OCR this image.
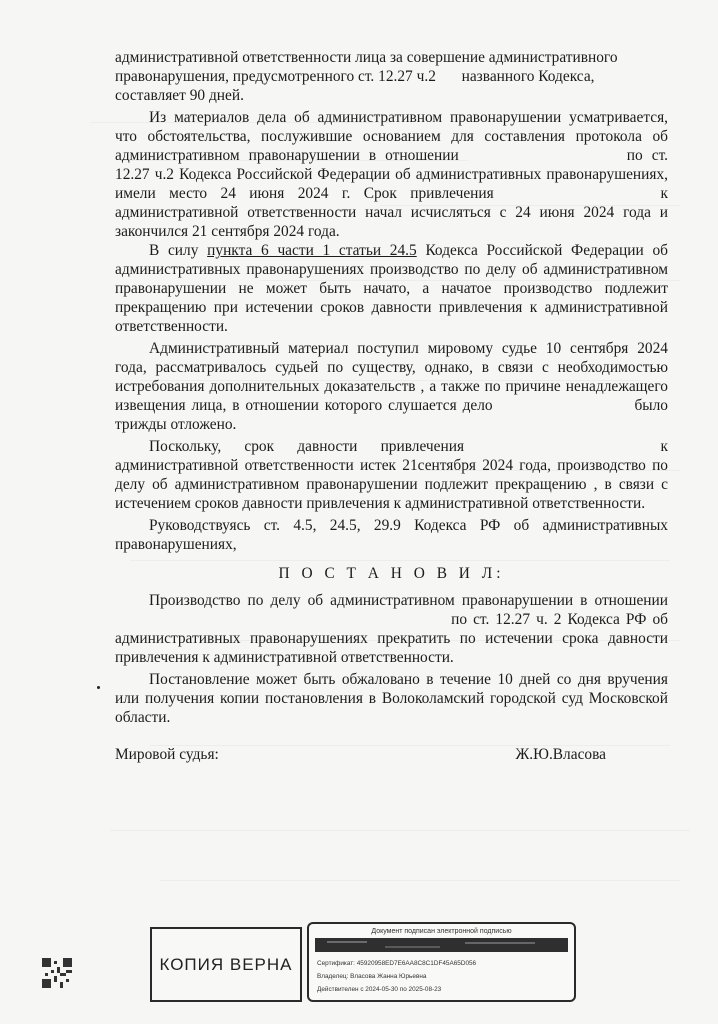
административной ответственности лица за совершение административного

правонарушения, предусмотренного ст. 12.27 ч.2 названного Кодекса,

составляет 90 дней.

Из материалов дела об административном правонарушении усматривается, что обстоятельства, послужившие основанием для составления протокола об административном правонарушении в отношении	по ст. 12.27 ч.2 Кодекса Российской Федерации об административных правонарушениях, имели место 24 июня 2024 г. Срок привлечения	к административной ответственности начал исчисляться с 24 июня 2024 года и закончился 21 сентября 2024 года.

В силу пункта 6 части 1 статьи 24.5 Кодекса Российской Федерации об административных правонарушениях производство по делу об административном правонарушении не может быть начато, а начатое производство подлежит прекращению при истечении сроков давности привлечения к административной ответственности.

Административный материал поступил мировому судье 10 сентября 2024 года, рассматривалось судьей по существу, однако, в связи с необходимостью истребования дополнительных доказательств , а также по причине ненадлежащего извещения лица, в отношении которого слушается дело	было трижды отложено.

Поскольку, срок давности привлечения	к административной ответственности истек 21сентября 2024 года, производство по делу об административном правонарушении подлежит прекращению , в связи с истечением сроков давности привлечения к административной ответственности.

Руководствуясь ст. 4.5, 24.5, 29.9 Кодекса РФ об административных правонарушениях,

П О С Т А Н О В И Л:

Производство по делу об административном правонарушении в отношении  по ст. 12.27 ч. 2 Кодекса РФ об административных правонарушениях прекратить по истечении срока давности привлечения к административной ответственности.

Постановление может быть обжаловано в течение 10 дней со дня вручения или получения копии постановления в Волоколамский городской суд Московской области.

Мировой судья:	Ж.Ю.Власова
КОПИЯ ВЕРНА
Документ подписан электронной подписью
Сертификат: 45920958ED7E6AA8C8C1DF45A65D056
Владелец: Власова Жанна Юрьевна
Действителен с 2024-05-30 по 2025-08-23
